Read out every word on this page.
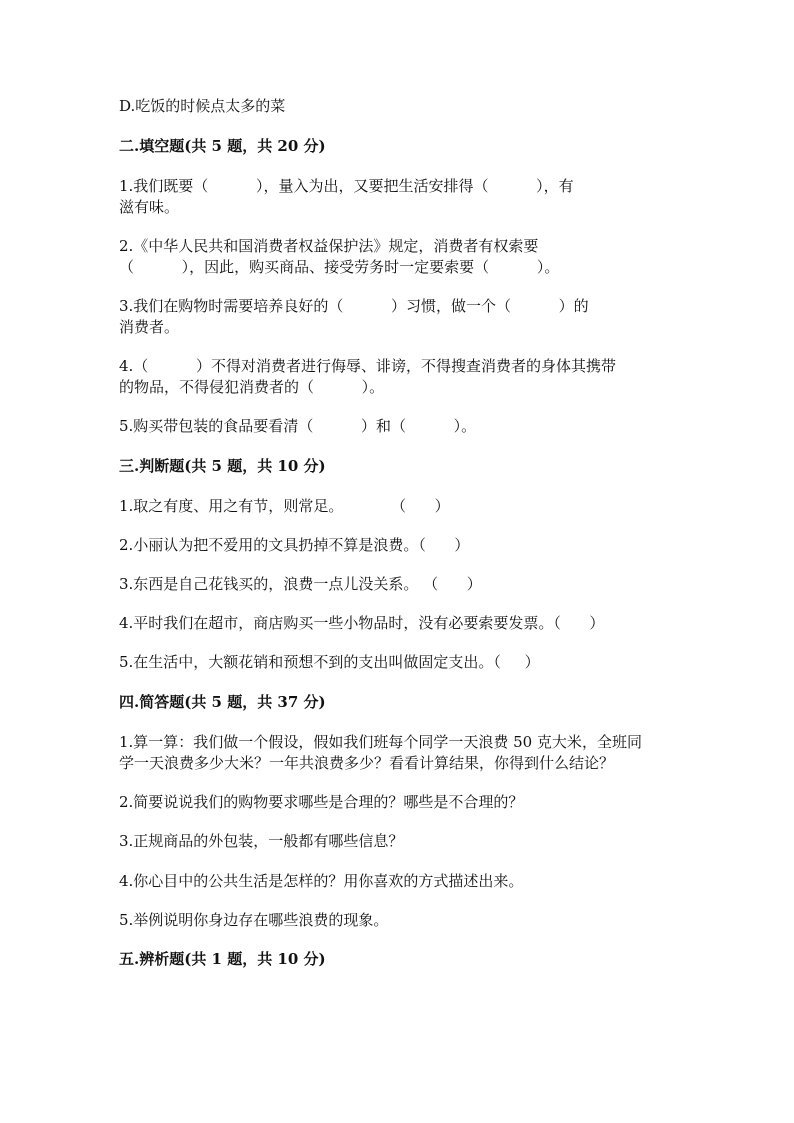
D.吃饭的时候点太多的菜
二.填空题(共 5 题，共 20 分)
1.我们既要（          ），量入为出，又要把生活安排得（          ），有
滋有味。
2.《中华人民共和国消费者权益保护法》规定，消费者有权索要
（          ），因此，购买商品、接受劳务时一定要索要（          ）。
3.我们在购物时需要培养良好的（          ）习惯，做一个（          ）的
消费者。
4.（          ）不得对消费者进行侮辱、诽谤，不得搜查消费者的身体其携带
的物品，不得侵犯消费者的（          ）。
5.购买带包装的食品要看清（          ）和（          ）。
三.判断题(共 5 题，共 10 分)
1.取之有度、用之有节，则常足。          （      ）
2.小丽认为把不爱用的文具扔掉不算是浪费。（      ）
3.东西是自己花钱买的，浪费一点儿没关系。 （      ）
4.平时我们在超市，商店购买一些小物品时，没有必要索要发票。（      ）
5.在生活中，大额花销和预想不到的支出叫做固定支出。（     ）
四.简答题(共 5 题，共 37 分)
1.算一算：我们做一个假设，假如我们班每个同学一天浪费 50 克大米，全班同
学一天浪费多少大米？一年共浪费多少？看看计算结果，你得到什么结论？
2.简要说说我们的购物要求哪些是合理的？哪些是不合理的？
3.正规商品的外包装，一般都有哪些信息？
4.你心目中的公共生活是怎样的？用你喜欢的方式描述出来。
5.举例说明你身边存在哪些浪费的现象。
五.辨析题(共 1 题，共 10 分)
